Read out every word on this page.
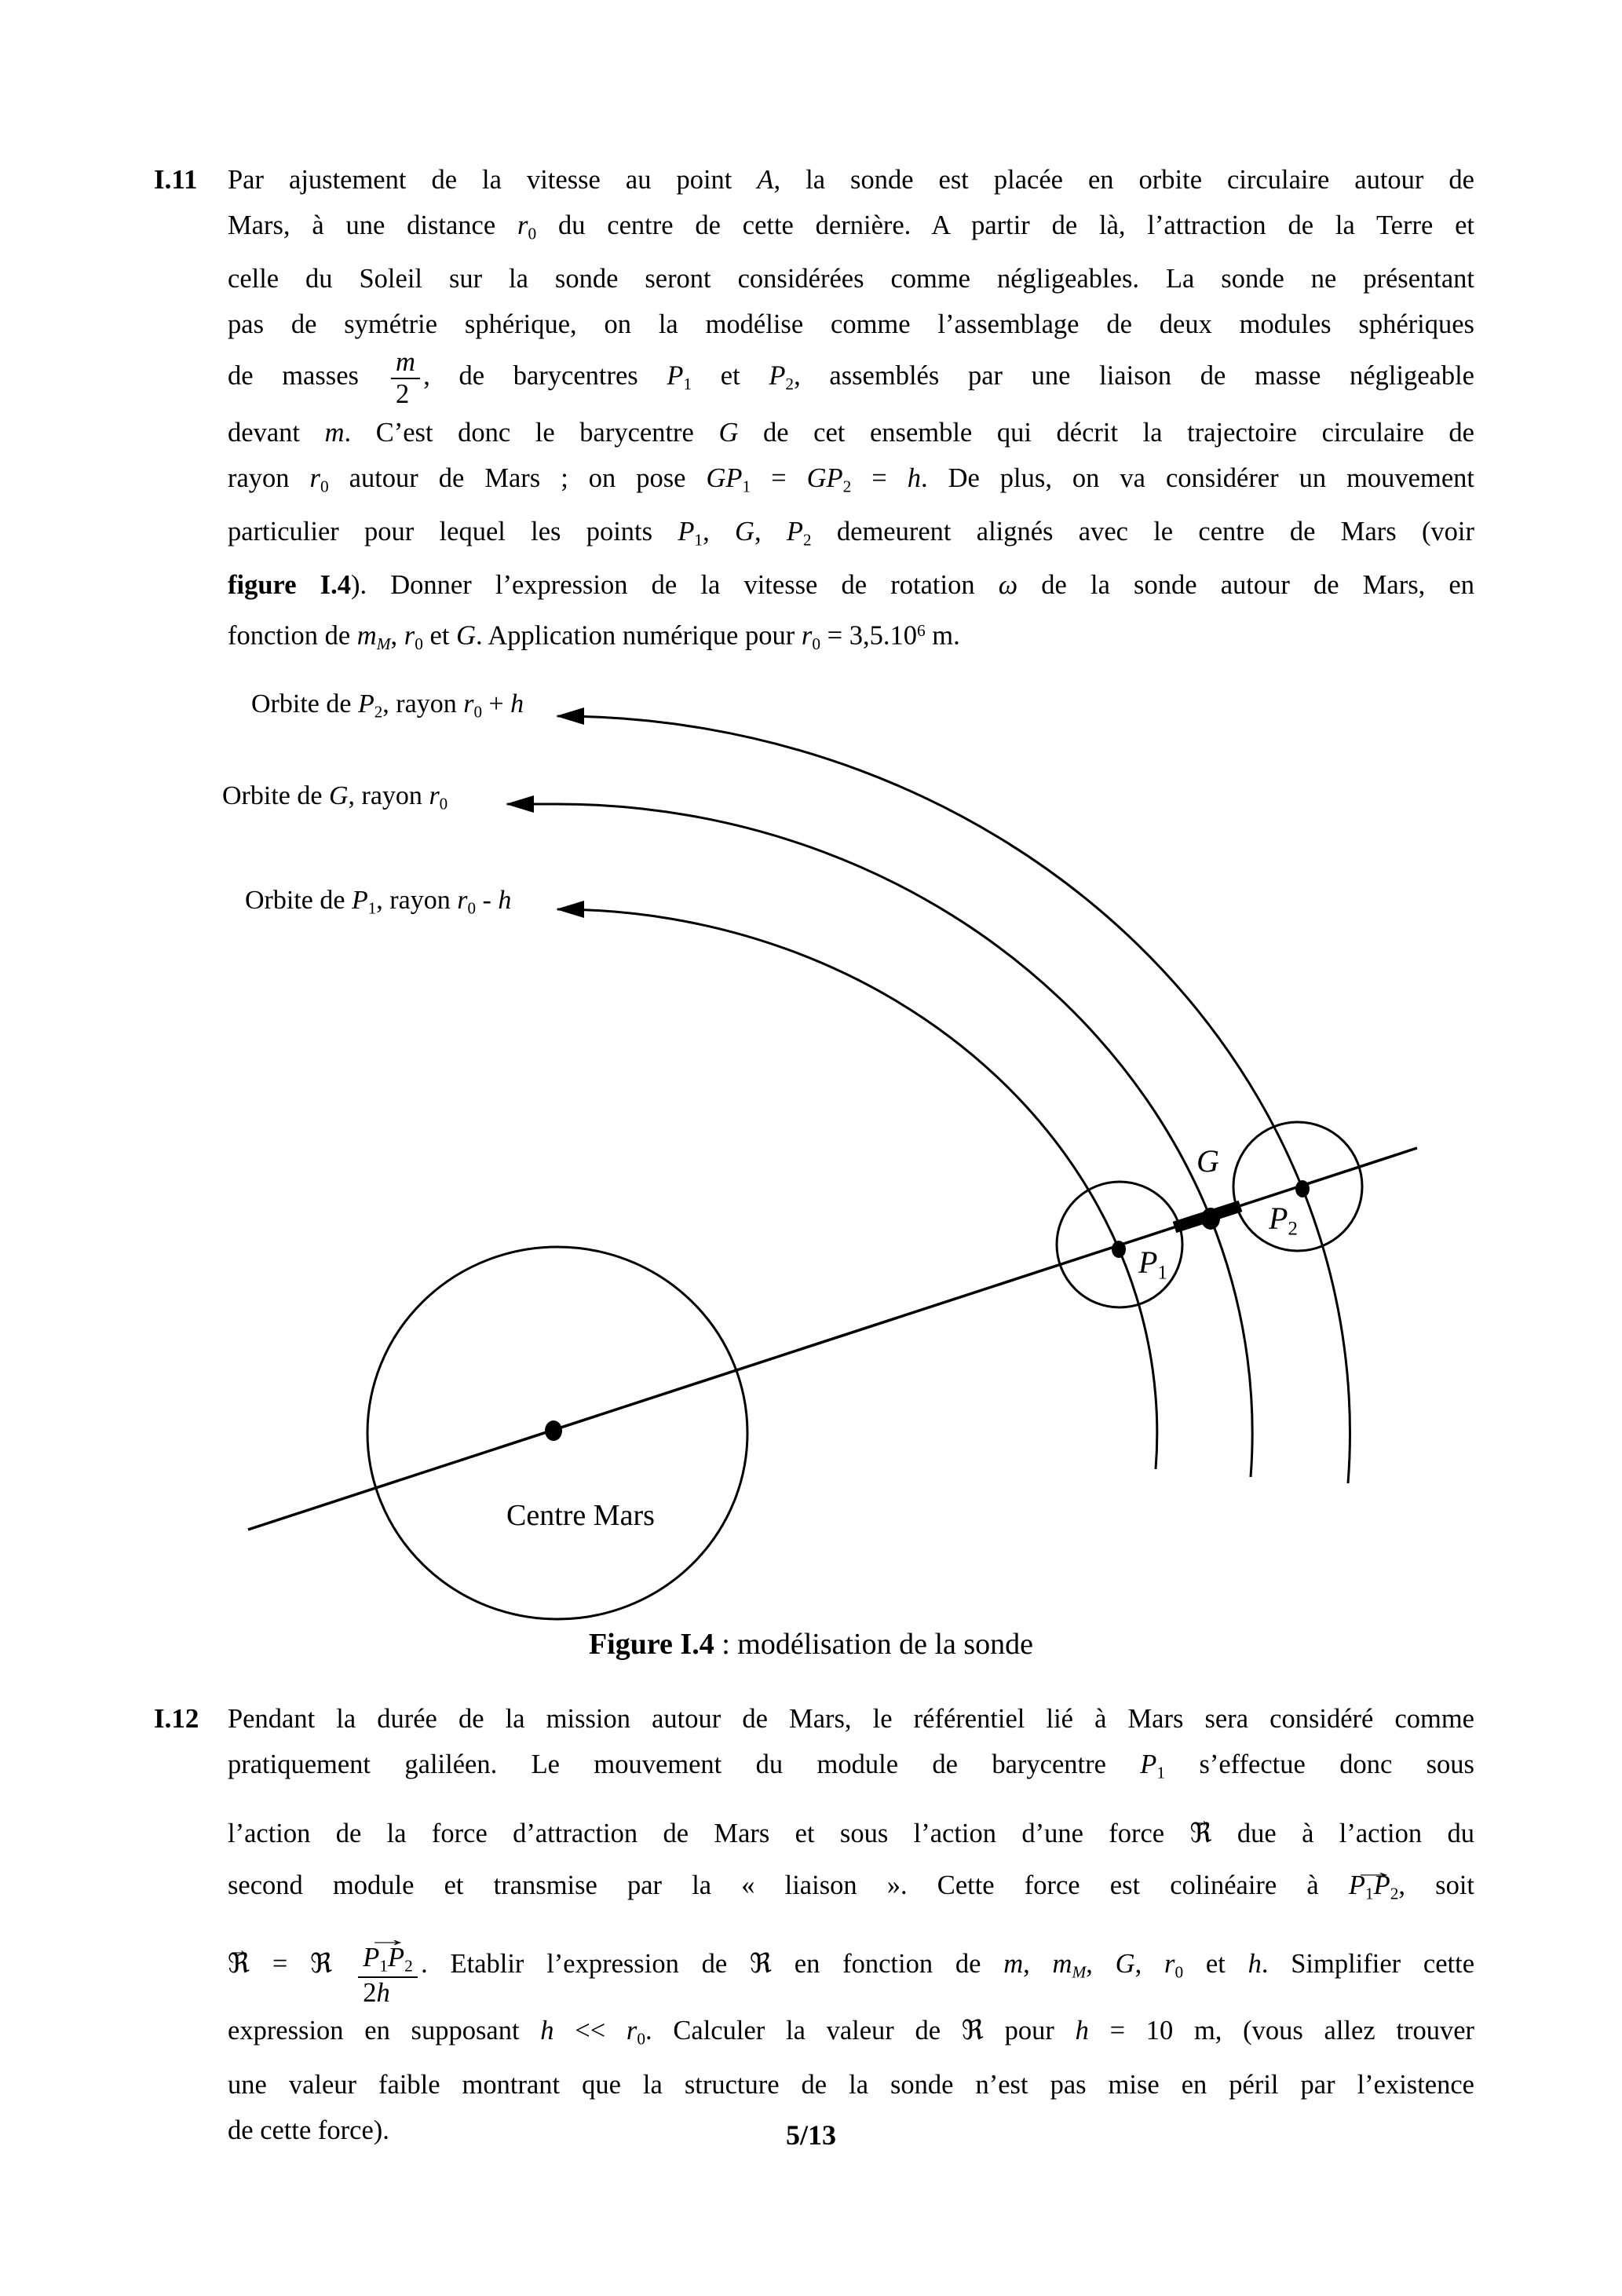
I.11 Par ajustement de la vitesse au point A, la sonde est placée en orbite circulaire autour de
Mars, à une distance $r_0$ du centre de cette dernière. A partir de là, l’attraction de la Terre et
celle du Soleil sur la sonde seront considérées comme négligeables. La sonde ne présentant
pas de symétrie sphérique, on la modélise comme l’assemblage de deux modules sphériques
de masses $\frac{m}{2}$ , de barycentres $P_1$ et $P_2$, assemblés par une liaison de masse négligeable
devant m. C’est donc le barycentre G de cet ensemble qui décrit la trajectoire circulaire de
rayon $r_0$ autour de Mars ; on pose $GP_1 = GP_2 = h$. De plus, on va considérer un mouvement
particulier pour lequel les points $P_1$, G, $P_2$ demeurent alignés avec le centre de Mars (voir
figure I.4). Donner l’expression de la vitesse de rotation ω de la sonde autour de Mars, en
fonction de $m_M$, $r_0$ et G. Application numérique pour $r_0 = 3,5.10^6$ m.
Orbite de $P_2$, rayon $r_0 + h$
Orbite de G, rayon $r_0$
Orbite de $P_1$, rayon $r_0$ - h
G
$P_1$
$P_2$
Centre Mars
Figure I.4 : modélisation de la sonde
I.12 Pendant la durée de la mission autour de Mars, le référentiel lié à Mars sera considéré comme
pratiquement galiléen. Le mouvement du module de barycentre $P_1$ s’effectue donc sous
l’action de la force d’attraction de Mars et sous l’action d’une force ℜ → due à l’action du
second module et transmise par la « liaison ». Cette force est colinéaire à $P_1P_2$ →, soit
ℜ → = ℜ $\frac{P_1P_2 \to}{2h}$ . Etablir l’expression de ℜ en fonction de m, $m_M$, G, $r_0$ et h. Simplifier cette
expression en supposant $h << r_0$. Calculer la valeur de ℜ pour h = 10 m, (vous allez trouver
une valeur faible montrant que la structure de la sonde n’est pas mise en péril par l’existence
de cette force).	5/13
